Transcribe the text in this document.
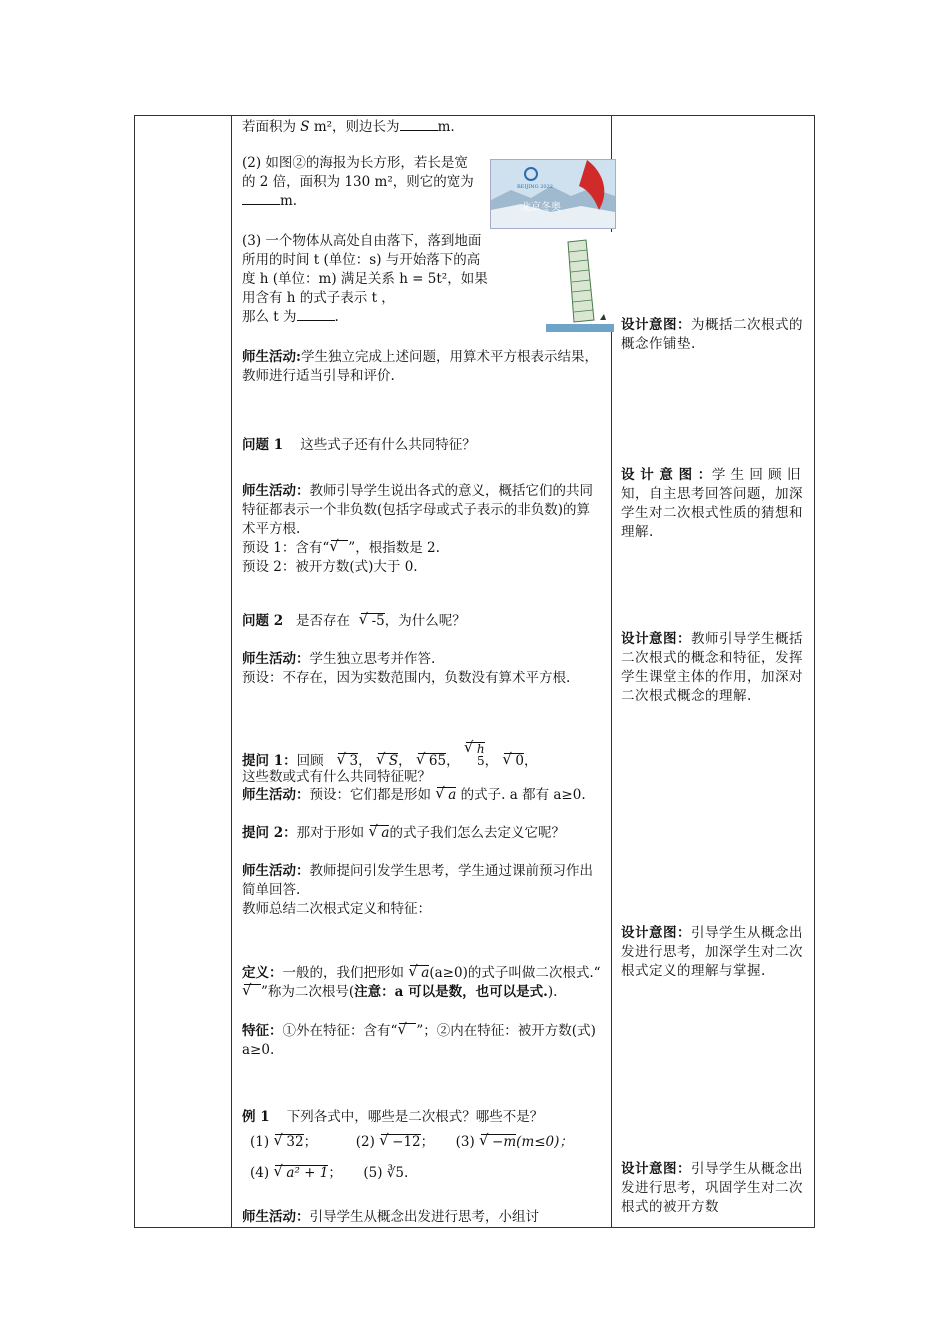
若面积为 S m²，则边长为	m.
(2) 如图②的海报为长方形，若长是宽的 2 倍，面积为 130 m²，则它的宽为m.
BEIJING 2022
北京冬奥
(3) 一个物体从高处自由落下，落到地面
所用的时间 t (单位：s) 与开始落下的高
度 h (单位：m) 满足关系 h = 5t²，如果
用含有 h 的式子表示 t ，
那么 t 为	.
师生活动:学生独立完成上述问题，用算术平方根表示结果，教师进行适当引导和评价.
问题 1 这些式子还有什么共同特征？
师生活动：教师引导学生说出各式的意义，概括它们的共同特征都表示一个非负数(包括字母或式子表示的非负数)的算术平方根.
预设 1：含有“ √ ”，根指数是 2.
预设 2：被开方数(式)大于 0.
问题 2 是否存在 √ -5，为什么呢？
师生活动：学生独立思考并作答.
预设：不存在，因为实数范围内，负数没有算术平方根.
提问 1：回顾 √ 3， √ S， √ 65， √ h
5， √ 0，
这些数或式有什么共同特征呢？
师生活动：预设：它们都是形如 √ a 的式子. a 都有 a≥0.
提问 2：那对于形如 √ a的式子我们怎么去定义它呢？
师生活动：教师提问引发学生思考，学生通过课前预习作出简单回答.
教师总结二次根式定义和特征：
定义：一般的，我们把形如 √ a(a≥0)的式子叫做二次根式.“√  ”称为二次根号(注意：a 可以是数，也可以是式.).
特征：①外在特征：含有“ √ ”；②内在特征：被开方数(式) a≥0.
例 1 下列各式中，哪些是二次根式？哪些不是？
(1) √ 32；	(2) √ −12； (3) √ −m(m≤0)；
(4) √ a² + 1； (5) ∛5.
师生活动：引导学生从概念出发进行思考，小组讨
设计意图：为概括二次根式的概念作铺垫.
设 计 意 图 ：学 生 回 顾 旧知，自主思考回答问题，加深学生对二次根式性质的猜想和理解.
设计意图：教师引导学生概括二次根式的概念和特征，发挥学生课堂主体的作用，加深对二次根式概念的理解.
设计意图：引导学生从概念出发进行思考，加深学生对二次根式定义的理解与掌握.
设计意图：引导学生从概念出发进行思考，巩固学生对二次根式的被开方数
